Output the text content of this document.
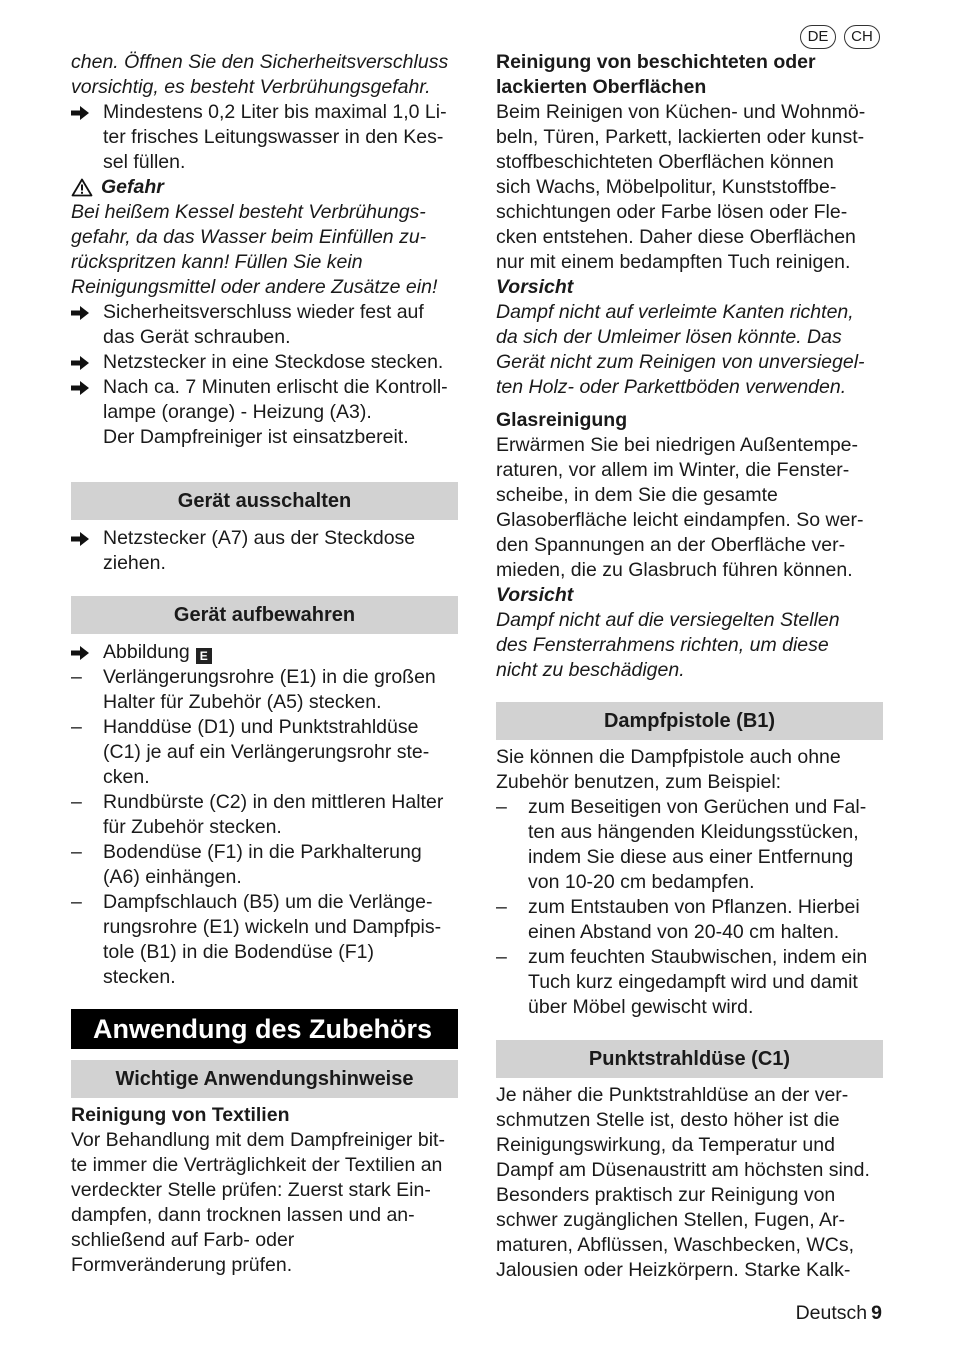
DE	CH

chen. Öffnen Sie den Sicherheitsverschluss

vorsichtig, es besteht Verbrühungsgefahr.

Mindestens 0,2 Liter bis maximal 1,0 Li-

ter frisches Leitungswasser in den Kes-

sel füllen.

Gefahr

Bei heißem Kessel besteht Verbrühungs-

gefahr, da das Wasser beim Einfüllen zu-

rückspritzen kann! Füllen Sie kein

Reinigungsmittel oder andere Zusätze ein!

Sicherheitsverschluss wieder fest auf

das Gerät schrauben.

Netzstecker in eine Steckdose stecken.

Nach ca. 7 Minuten erlischt die Kontroll-

lampe (orange) - Heizung (A3).

Der Dampfreiniger ist einsatzbereit.

Gerät ausschalten

Netzstecker (A7) aus der Steckdose

ziehen.

Gerät aufbewahren

Abbildung E

–	Verlängerungsrohre (E1) in die großen

Halter für Zubehör (A5) stecken.

–	Handdüse (D1) und Punktstrahldüse

(C1) je auf ein Verlängerungsrohr ste-

cken.

–	Rundbürste (C2) in den mittleren Halter

für Zubehör stecken.

–	Bodendüse (F1) in die Parkhalterung

(A6) einhängen.

–	Dampfschlauch (B5) um die Verlänge-

rungsrohre (E1) wickeln und Dampfpis-

tole (B1) in die Bodendüse (F1)

stecken.

Anwendung des Zubehörs
Wichtige Anwendungshinweise

Reinigung von Textilien

Vor Behandlung mit dem Dampfreiniger bit-

te immer die Verträglichkeit der Textilien an

verdeckter Stelle prüfen: Zuerst stark Ein-

dampfen, dann trocknen lassen und an-

schließend auf Farb- oder

Formveränderung prüfen.

Reinigung von beschichteten oder

lackierten Oberflächen

Beim Reinigen von Küchen- und Wohnmö-

beln, Türen, Parkett, lackierten oder kunst-

stoffbeschichteten Oberflächen können

sich Wachs, Möbelpolitur, Kunststoffbe-

schichtungen oder Farbe lösen oder Fle-

cken entstehen. Daher diese Oberflächen

nur mit einem bedampften Tuch reinigen.

Vorsicht

Dampf nicht auf verleimte Kanten richten,

da sich der Umleimer lösen könnte. Das

Gerät nicht zum Reinigen von unversiegel-

ten Holz- oder Parkettböden verwenden.

Glasreinigung

Erwärmen Sie bei niedrigen Außentempe-

raturen, vor allem im Winter, die Fenster-

scheibe, in dem Sie die gesamte

Glasoberfläche leicht eindampfen. So wer-

den Spannungen an der Oberfläche ver-

mieden, die zu Glasbruch führen können.

Vorsicht

Dampf nicht auf die versiegelten Stellen

des Fensterrahmens richten, um diese

nicht zu beschädigen.

Dampfpistole (B1)

Sie können die Dampfpistole auch ohne

Zubehör benutzen, zum Beispiel:

–	zum Beseitigen von Gerüchen und Fal-

ten aus hängenden Kleidungsstücken,

indem Sie diese aus einer Entfernung

von 10-20 cm bedampfen.

–	zum Entstauben von Pflanzen. Hierbei

einen Abstand von 20-40 cm halten.

–	zum feuchten Staubwischen, indem ein

Tuch kurz eingedampft wird und damit

über Möbel gewischt wird.

Punktstrahldüse (C1)

Je näher die Punktstrahldüse an der ver-

schmutzen Stelle ist, desto höher ist die

Reinigungswirkung, da Temperatur und

Dampf am Düsenaustritt am höchsten sind.

Besonders praktisch zur Reinigung von

schwer zugänglichen Stellen, Fugen, Ar-

maturen, Abflüssen, Waschbecken, WCs,

Jalousien oder Heizkörpern. Starke Kalk-

Deutsch 9
